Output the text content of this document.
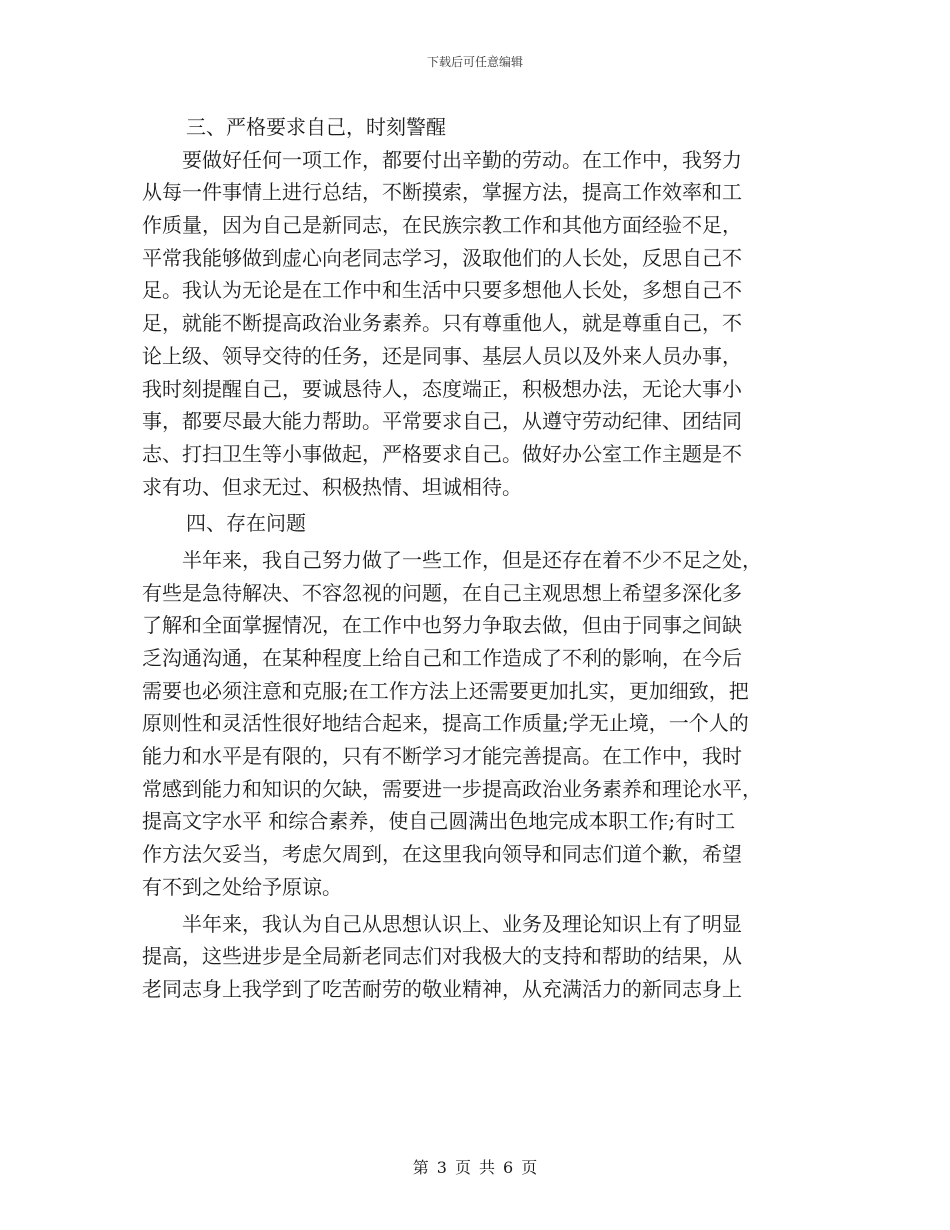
下载后可任意编辑
三、严格要求自己，时刻警醒
要做好任何一项工作，都要付出辛勤的劳动。在工作中，我努力
从每一件事情上进行总结，不断摸索，掌握方法，提高工作效率和工
作质量，因为自己是新同志，在民族宗教工作和其他方面经验不足，
平常我能够做到虚心向老同志学习，汲取他们的人长处，反思自己不
足。我认为无论是在工作中和生活中只要多想他人长处，多想自己不
足，就能不断提高政治业务素养。只有尊重他人，就是尊重自己，不
论上级、领导交待的任务，还是同事、基层人员以及外来人员办事，
我时刻提醒自己，要诚恳待人，态度端正，积极想办法，无论大事小
事，都要尽最大能力帮助。平常要求自己，从遵守劳动纪律、团结同
志、打扫卫生等小事做起，严格要求自己。做好办公室工作主题是不
求有功、但求无过、积极热情、坦诚相待。
四、存在问题
半年来，我自己努力做了一些工作，但是还存在着不少不足之处，
有些是急待解决、不容忽视的问题，在自己主观思想上希望多深化多
了解和全面掌握情况，在工作中也努力争取去做，但由于同事之间缺
乏沟通沟通，在某种程度上给自己和工作造成了不利的影响，在今后
需要也必须注意和克服;在工作方法上还需要更加扎实，更加细致，把
原则性和灵活性很好地结合起来，提高工作质量;学无止境，一个人的
能力和水平是有限的，只有不断学习才能完善提高。在工作中，我时
常感到能力和知识的欠缺，需要进一步提高政治业务素养和理论水平，
提高文字水平 和综合素养，使自己圆满出色地完成本职工作;有时工
作方法欠妥当，考虑欠周到，在这里我向领导和同志们道个歉，希望
有不到之处给予原谅。
半年来，我认为自己从思想认识上、业务及理论知识上有了明显
提高，这些进步是全局新老同志们对我极大的支持和帮助的结果，从
老同志身上我学到了吃苦耐劳的敬业精神，从充满活力的新同志身上
第 3 页 共 6 页
